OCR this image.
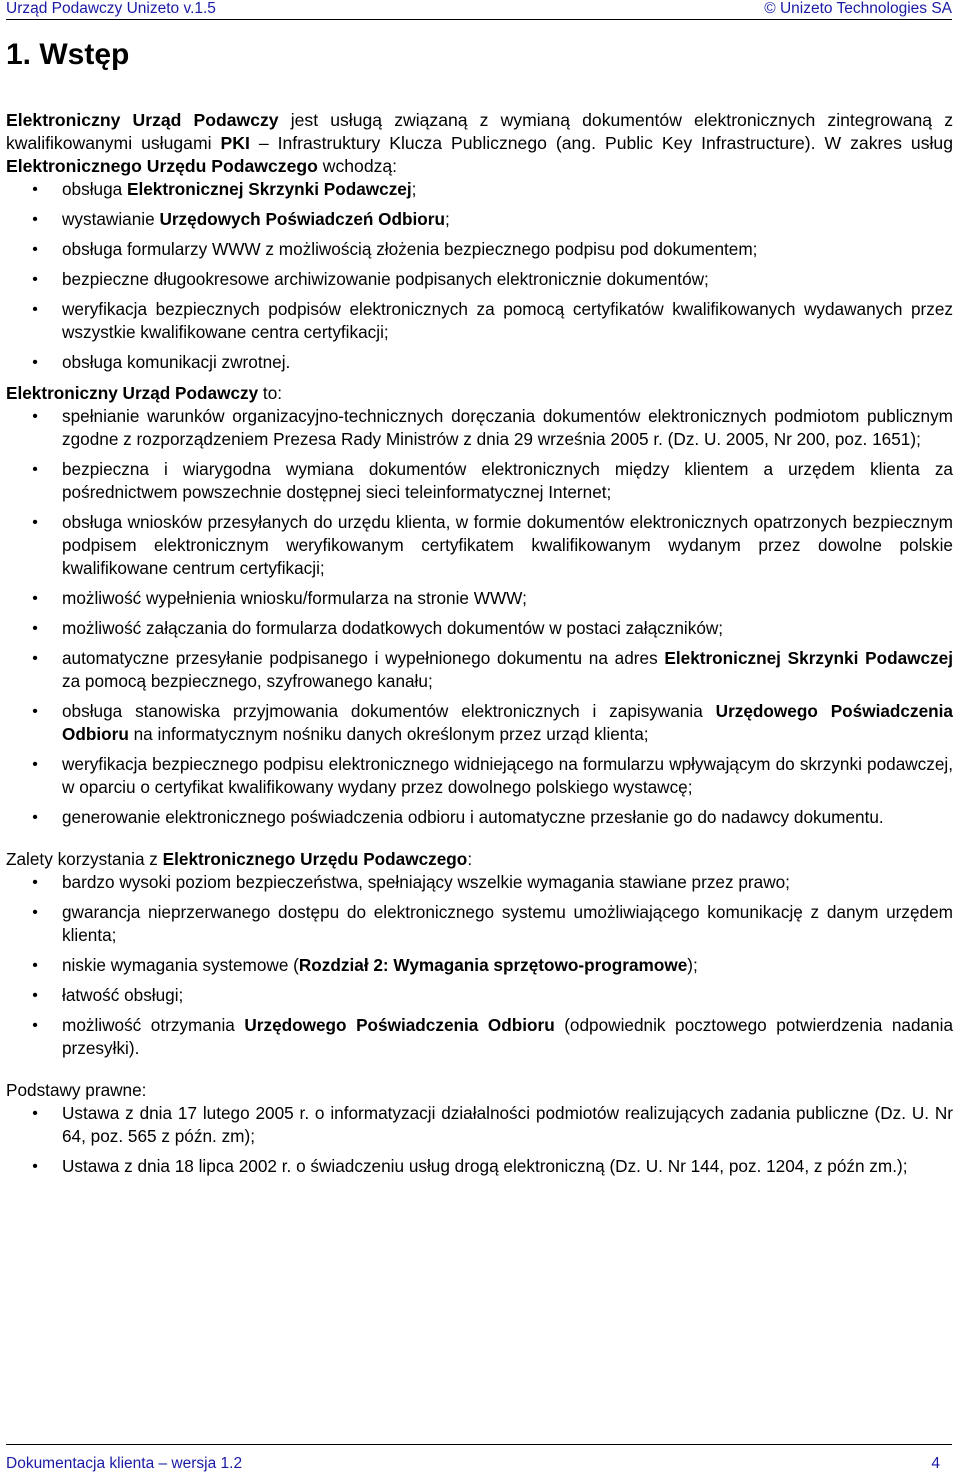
Urząd Podawczy Unizeto v.1.5	© Unizeto Technologies SA
1. Wstęp

Elektroniczny Urząd Podawczy jest usługą związaną z wymianą dokumentów elektronicznych zintegrowaną z kwalifikowanymi usługami PKI – Infrastruktury Klucza Publicznego (ang. Public Key Infrastructure). W zakres usług Elektronicznego Urzędu Podawczego wchodzą:

• obsługa Elektronicznej Skrzynki Podawczej;
• wystawianie Urzędowych Poświadczeń Odbioru;
• obsługa formularzy WWW z możliwością złożenia bezpiecznego podpisu pod dokumentem;
• bezpieczne długookresowe archiwizowanie podpisanych elektronicznie dokumentów;
• weryfikacja bezpiecznych podpisów elektronicznych za pomocą certyfikatów kwalifikowanych wydawanych przez wszystkie kwalifikowane centra certyfikacji;
• obsługa komunikacji zwrotnej.

Elektroniczny Urząd Podawczy to:

• spełnianie warunków organizacyjno-technicznych doręczania dokumentów elektronicznych podmiotom publicznym zgodne z rozporządzeniem Prezesa Rady Ministrów z dnia 29 września 2005 r. (Dz. U. 2005, Nr 200, poz. 1651);
• bezpieczna i wiarygodna wymiana dokumentów elektronicznych między klientem a urzędem klienta za pośrednictwem powszechnie dostępnej sieci teleinformatycznej Internet;
• obsługa wniosków przesyłanych do urzędu klienta, w formie dokumentów elektronicznych opatrzonych bezpiecznym podpisem elektronicznym weryfikowanym certyfikatem kwalifikowanym wydanym przez dowolne polskie kwalifikowane centrum certyfikacji;
• możliwość wypełnienia wniosku/formularza na stronie WWW;
• możliwość załączania do formularza dodatkowych dokumentów w postaci załączników;
• automatyczne przesyłanie podpisanego i wypełnionego dokumentu na adres Elektronicznej Skrzynki Podawczej za pomocą bezpiecznego, szyfrowanego kanału;
• obsługa stanowiska przyjmowania dokumentów elektronicznych i zapisywania Urzędowego Poświadczenia Odbioru na informatycznym nośniku danych określonym przez urząd klienta;
• weryfikacja bezpiecznego podpisu elektronicznego widniejącego na formularzu wpływającym do skrzynki podawczej, w oparciu o certyfikat kwalifikowany wydany przez dowolnego polskiego wystawcę;
• generowanie elektronicznego poświadczenia odbioru i automatyczne przesłanie go do nadawcy dokumentu.

Zalety korzystania z Elektronicznego Urzędu Podawczego:

• bardzo wysoki poziom bezpieczeństwa, spełniający wszelkie wymagania stawiane przez prawo;
• gwarancja nieprzerwanego dostępu do elektronicznego systemu umożliwiającego komunikację z danym urzędem klienta;
• niskie wymagania systemowe (Rozdział 2: Wymagania sprzętowo-programowe);
• łatwość obsługi;
• możliwość otrzymania Urzędowego Poświadczenia Odbioru (odpowiednik pocztowego potwierdzenia nadania przesyłki).

Podstawy prawne:

• Ustawa z dnia 17 lutego 2005 r. o informatyzacji działalności podmiotów realizujących zadania publiczne (Dz. U. Nr 64, poz. 565 z późn. zm);
• Ustawa z dnia 18 lipca 2002 r. o świadczeniu usług drogą elektroniczną (Dz. U. Nr 144, poz. 1204, z późn zm.);
Dokumentacja klienta – wersja 1.2	4
